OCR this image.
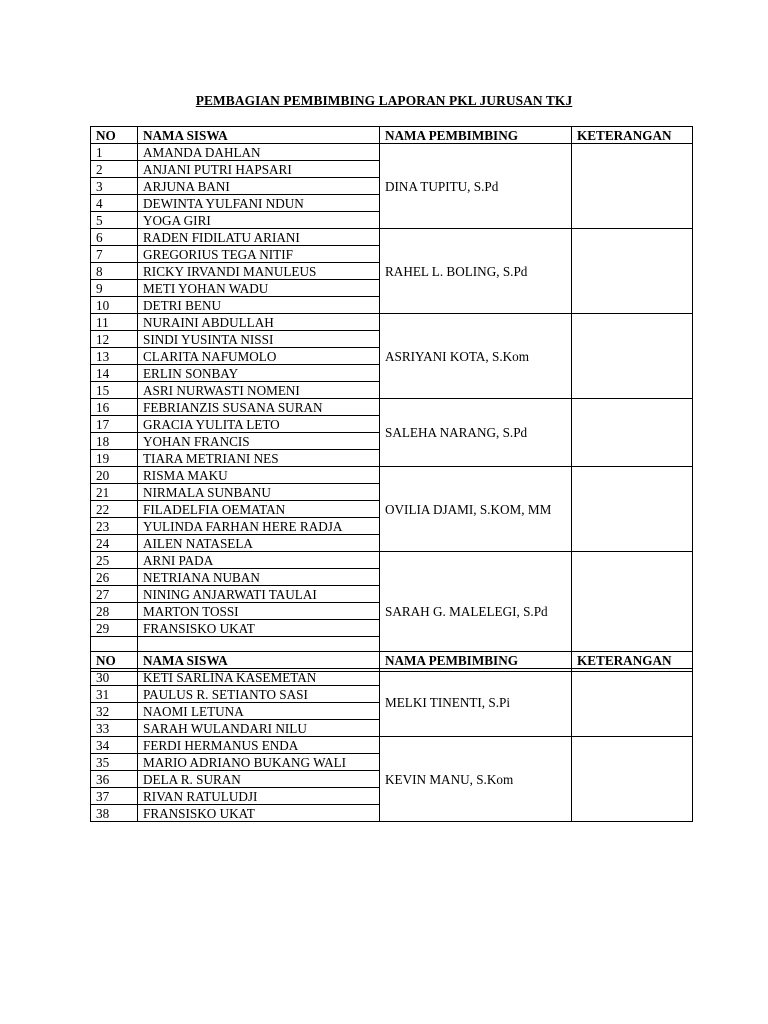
PEMBAGIAN PEMBIMBING LAPORAN PKL JURUSAN TKJ
NO	NAMA SISWA	NAMA PEMBIMBING	KETERANGAN
1	AMANDA DAHLAN	DINA TUPITU, S.Pd	
2	ANJANI PUTRI HAPSARI		
3	ARJUNA BANI		
4	DEWINTA YULFANI NDUN		
5	YOGA GIRI		
6	RADEN FIDILATU ARIANI	RAHEL L. BOLING, S.Pd	
7	GREGORIUS TEGA NITIF		
8	RICKY IRVANDI MANULEUS		
9	METI YOHAN WADU		
10	DETRI BENU		
11	NURAINI ABDULLAH	ASRIYANI KOTA, S.Kom	
12	SINDI YUSINTA NISSI		
13	CLARITA NAFUMOLO		
14	ERLIN SONBAY		
15	ASRI NURWASTI NOMENI		
16	FEBRIANZIS SUSANA SURAN	SALEHA NARANG, S.Pd	
17	GRACIA YULITA LETO		
18	YOHAN FRANCIS		
19	TIARA METRIANI NES		
20	RISMA MAKU	OVILIA DJAMI, S.KOM, MM	
21	NIRMALA SUNBANU		
22	FILADELFIA OEMATAN		
23	YULINDA FARHAN HERE RADJA		
24	AILEN NATASELA		
25	ARNI PADA	SARAH G. MALELEGI, S.Pd	
26	NETRIANA NUBAN		
27	NINING ANJARWATI TAULAI		
28	MARTON TOSSI		
29	FRANSISKO UKAT		

NO	NAMA SISWA	NAMA PEMBIMBING	KETERANGAN
30	KETI SARLINA KASEMETAN	MELKI TINENTI, S.Pi	
31	PAULUS R. SETIANTO SASI		
32	NAOMI LETUNA		
33	SARAH WULANDARI NILU		
34	FERDI HERMANUS ENDA	KEVIN MANU, S.Kom	
35	MARIO ADRIANO BUKANG WALI		
36	DELA R. SURAN		
37	RIVAN RATULUDJI		
38	FRANSISKO UKAT		
